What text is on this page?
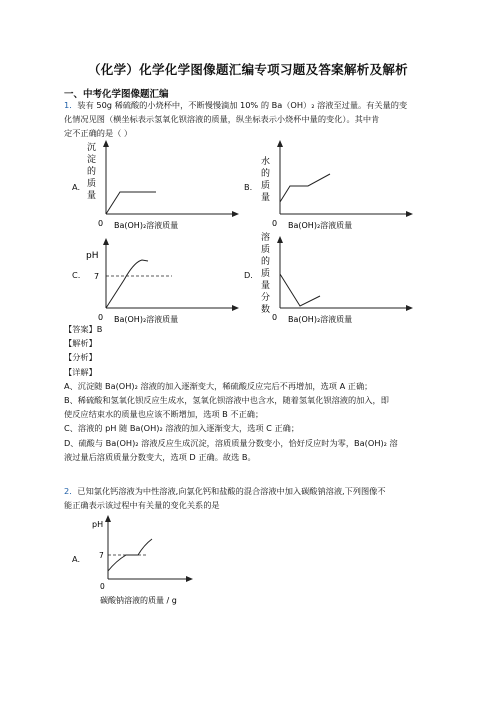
（化学）化学化学图像题汇编专项习题及答案解析及解析
一、中考化学图像题汇编
1．装有 50g 稀硫酸的小烧杯中，不断慢慢滴加 10% 的 Ba（OH）₂ 溶液至过量。有关量的变
化情况见图（横坐标表示氢氧化钡溶液的质量，纵坐标表示小烧杯中量的变化）。其中肯
定不正确的是（ ）
A.	B.
C.	D.
沉
淀
的
质
量
0 Ba(OH)₂溶液质量
水
的
质
量
0 Ba(OH)₂溶液质量
pH
7
0 Ba(OH)₂溶液质量
溶
质
的
质
量
分
数
0 Ba(OH)₂溶液质量
【答案】B
【解析】
【分析】
【详解】
A、沉淀随 Ba(OH)₂ 溶液的加入逐渐变大，稀硫酸反应完后不再增加，选项 A 正确；
B、稀硫酸和氢氧化钡反应生成水，氢氧化钡溶液中也含水，随着氢氧化钡溶液的加入，即
使反应结束水的质量也应该不断增加，选项 B 不正确；
C、溶液的 pH 随 Ba(OH)₂ 溶液的加入逐渐变大，选项 C 正确；
D、硫酸与 Ba(OH)₂ 溶液反应生成沉淀，溶质质量分数变小，恰好反应时为零，Ba(OH)₂ 溶
液过量后溶质质量分数变大，选项 D 正确。故选 B。
2．已知氯化钙溶液为中性溶液,向氯化钙和盐酸的混合溶液中加入碳酸钠溶液,下列图像不
能正确表示该过程中有关量的变化关系的是
A.
pH
7
0
碳酸钠溶液的质量 / g
